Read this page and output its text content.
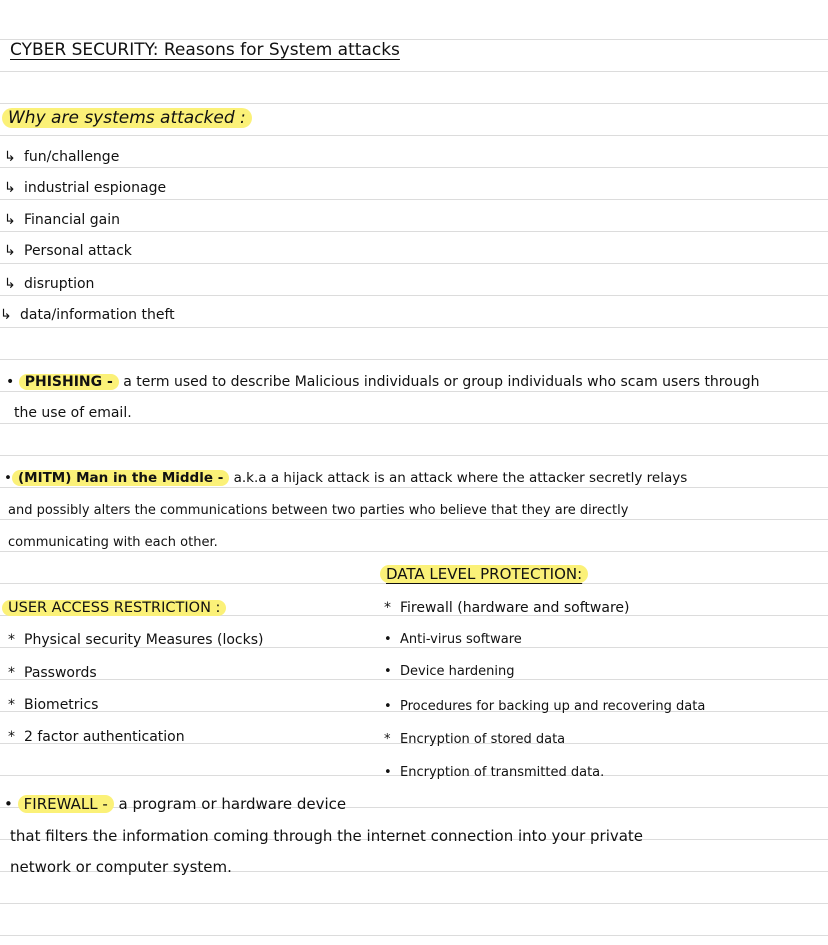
CYBER SECURITY: Reasons for System attacks
Why are systems attacked :
↳ fun/challenge
↳ industrial espionage
↳ Financial gain
↳ Personal attack
↳ disruption
↳ data/information theft
• PHISHING - a term used to describe Malicious individuals or group individuals who scam users through
the use of email.
• (MITM) Man in the Middle - a.k.a a hijack attack is an attack where the attacker secretly relays
and possibly alters the communications between two parties who believe that they are directly
communicating with each other.
DATA LEVEL PROTECTION:
* Firewall (hardware and software)
• Anti-virus software
• Device hardening
• Procedures for backing up and recovering data
* Encryption of stored data
• Encryption of transmitted data.
USER ACCESS RESTRICTION :
* Physical security Measures (locks)
* Passwords
* Biometrics
* 2 factor authentication
• FIREWALL - a program or hardware device
that filters the information coming through the internet connection into your private
network or computer system.
